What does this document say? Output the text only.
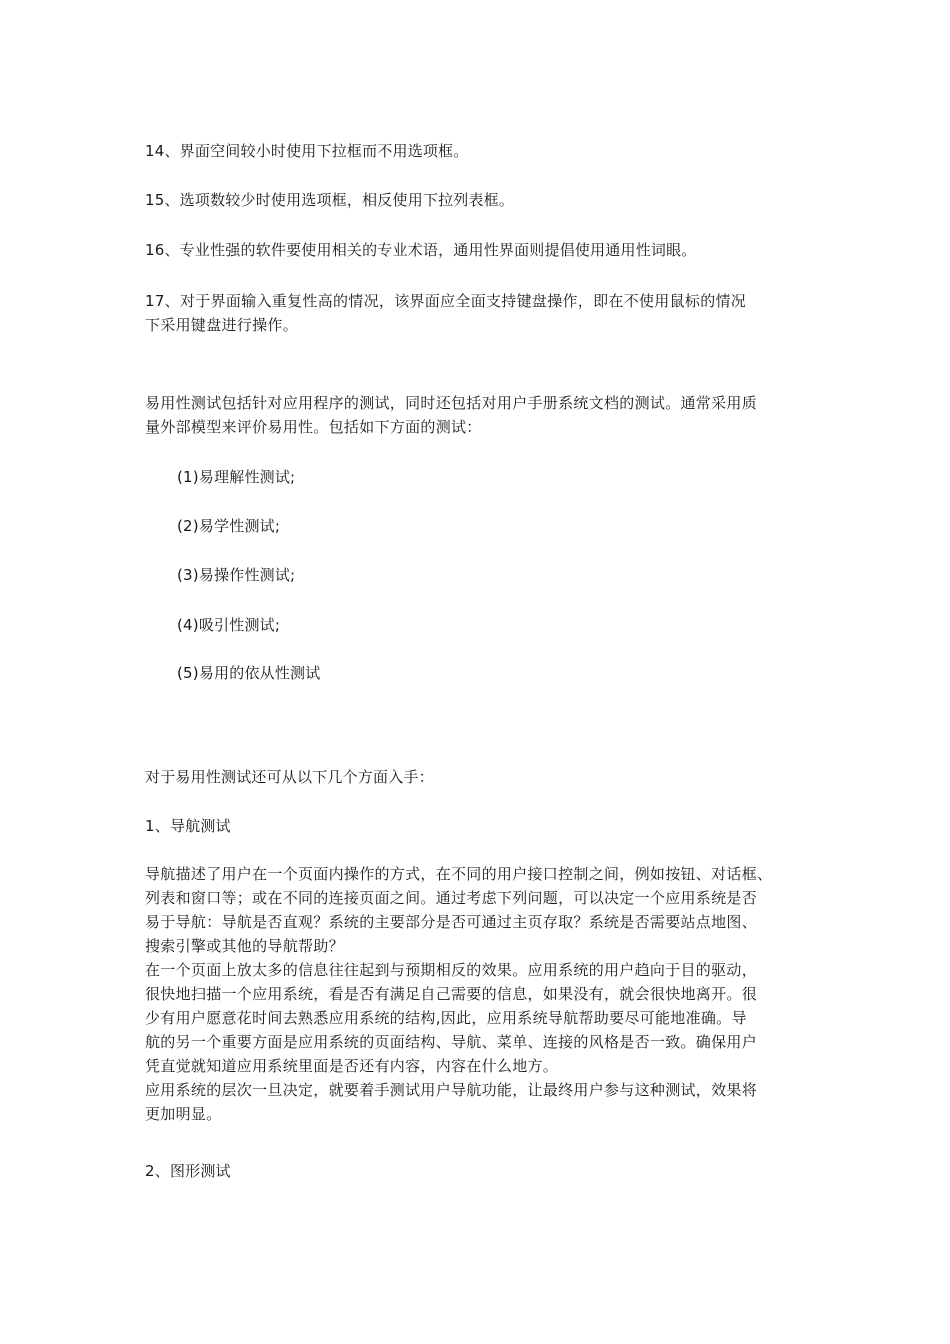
14、界面空间较小时使用下拉框而不用选项框。
15、选项数较少时使用选项框，相反使用下拉列表框。
16、专业性强的软件要使用相关的专业术语，通用性界面则提倡使用通用性词眼。
17、对于界面输入重复性高的情况，该界面应全面支持键盘操作，即在不使用鼠标的情况
下采用键盘进行操作。
易用性测试包括针对应用程序的测试，同时还包括对用户手册系统文档的测试。通常采用质
量外部模型来评价易用性。包括如下方面的测试：
(1)易理解性测试;
(2)易学性测试;
(3)易操作性测试;
(4)吸引性测试;
(5)易用的依从性测试
对于易用性测试还可从以下几个方面入手：
1、导航测试
导航描述了用户在一个页面内操作的方式，在不同的用户接口控制之间，例如按钮、对话框、
列表和窗口等；或在不同的连接页面之间。通过考虑下列问题，可以决定一个应用系统是否
易于导航：导航是否直观？系统的主要部分是否可通过主页存取？系统是否需要站点地图、
搜索引擎或其他的导航帮助？
在一个页面上放太多的信息往往起到与预期相反的效果。应用系统的用户趋向于目的驱动，
很快地扫描一个应用系统，看是否有满足自己需要的信息，如果没有，就会很快地离开。很
少有用户愿意花时间去熟悉应用系统的结构,因此，应用系统导航帮助要尽可能地准确。导
航的另一个重要方面是应用系统的页面结构、导航、菜单、连接的风格是否一致。确保用户
凭直觉就知道应用系统里面是否还有内容，内容在什么地方。
应用系统的层次一旦决定，就要着手测试用户导航功能，让最终用户参与这种测试，效果将
更加明显。
2、图形测试
